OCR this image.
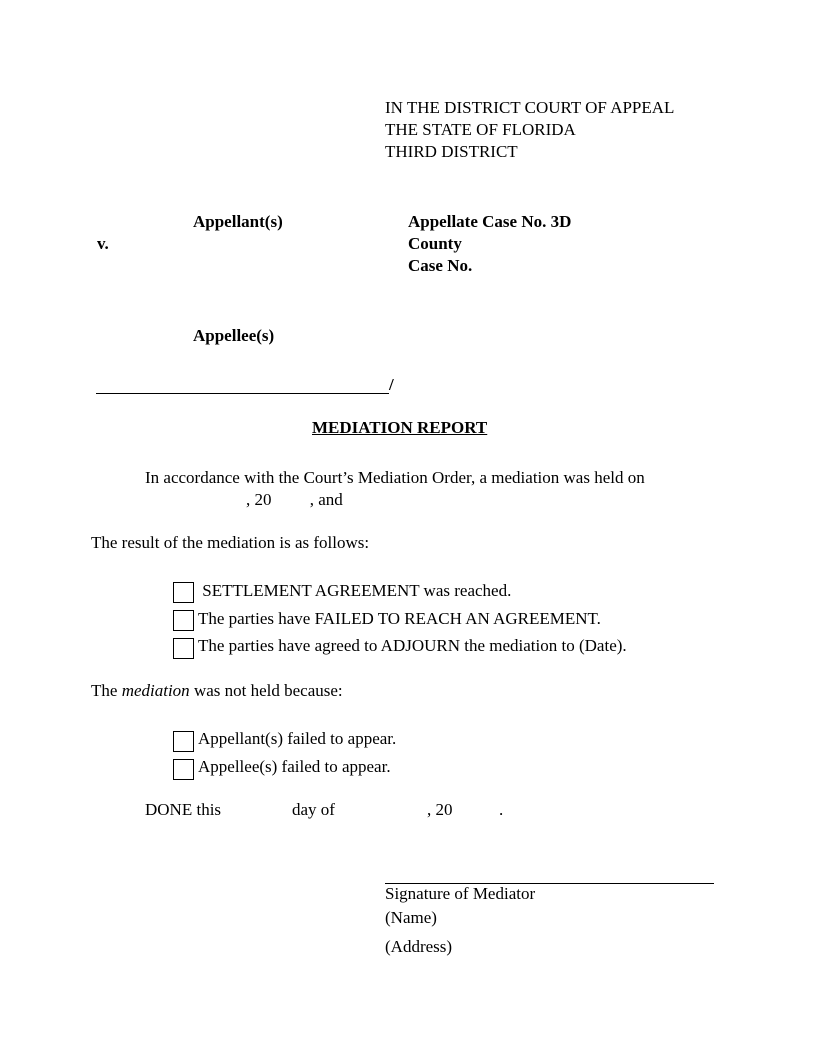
IN THE DISTRICT COURT OF APPEAL
THE STATE OF FLORIDA
THIRD DISTRICT
Appellant(s)
v.
Appellee(s)
Appellate Case No. 3D
County
Case No.
/
MEDIATION REPORT
In accordance with the Court’s Mediation Order, a mediation was held on
, 20         , and
The result of the mediation is as follows:
SETTLEMENT AGREEMENT was reached.
The parties have FAILED TO REACH AN AGREEMENT.
The parties have agreed to ADJOURN the mediation to (Date).
The mediation was not held because:
Appellant(s) failed to appear.
Appellee(s) failed to appear.
DONE this	day of	, 20	.
Signature of Mediator
(Name)
(Address)
